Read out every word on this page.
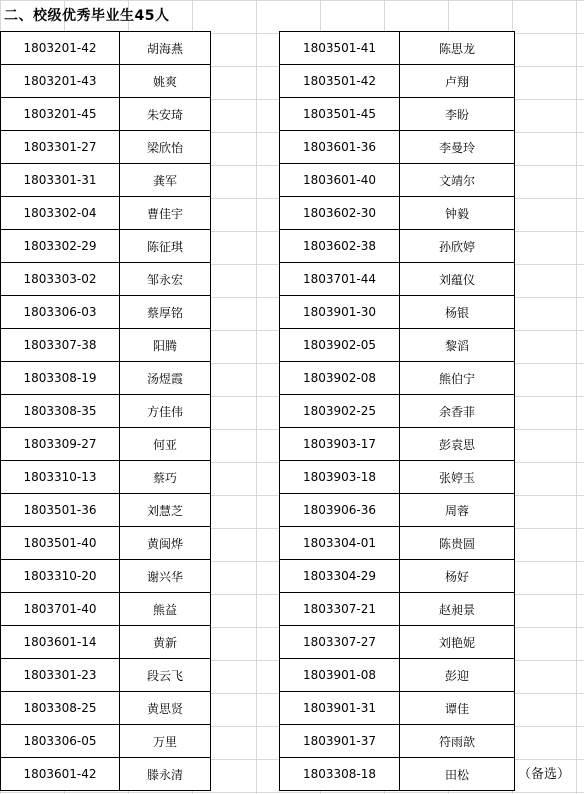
二、校级优秀毕业生45人
1803201-42	胡海燕
1803201-43	姚爽
1803201-45	朱安琦
1803301-27	梁欣怡
1803301-31	龚军
1803302-04	曹佳宇
1803302-29	陈征琪
1803303-02	邹永宏
1803306-03	蔡厚铭
1803307-38	阳腾
1803308-19	汤煜霞
1803308-35	方佳伟
1803309-27	何亚
1803310-13	蔡巧
1803501-36	刘慧芝
1803501-40	黄闽烨
1803310-20	谢兴华
1803701-40	熊益
1803601-14	黄新
1803301-23	段云飞
1803308-25	黄思贤
1803306-05	万里
1803601-42	滕永清
1803501-41	陈思龙
1803501-42	卢翔
1803501-45	李盼
1803601-36	李曼玲
1803601-40	文靖尔
1803602-30	钟毅
1803602-38	孙欣婷
1803701-44	刘蕴仪
1803901-30	杨银
1803902-05	黎滔
1803902-08	熊伯宁
1803902-25	余香菲
1803903-17	彭袁思
1803903-18	张婷玉
1803906-36	周蓉
1803304-01	陈贵圆
1803304-29	杨好
1803307-21	赵昶景
1803307-27	刘艳妮
1803901-08	彭迎
1803901-31	谭佳
1803901-37	符雨歆
1803308-18	田松	（备选）
